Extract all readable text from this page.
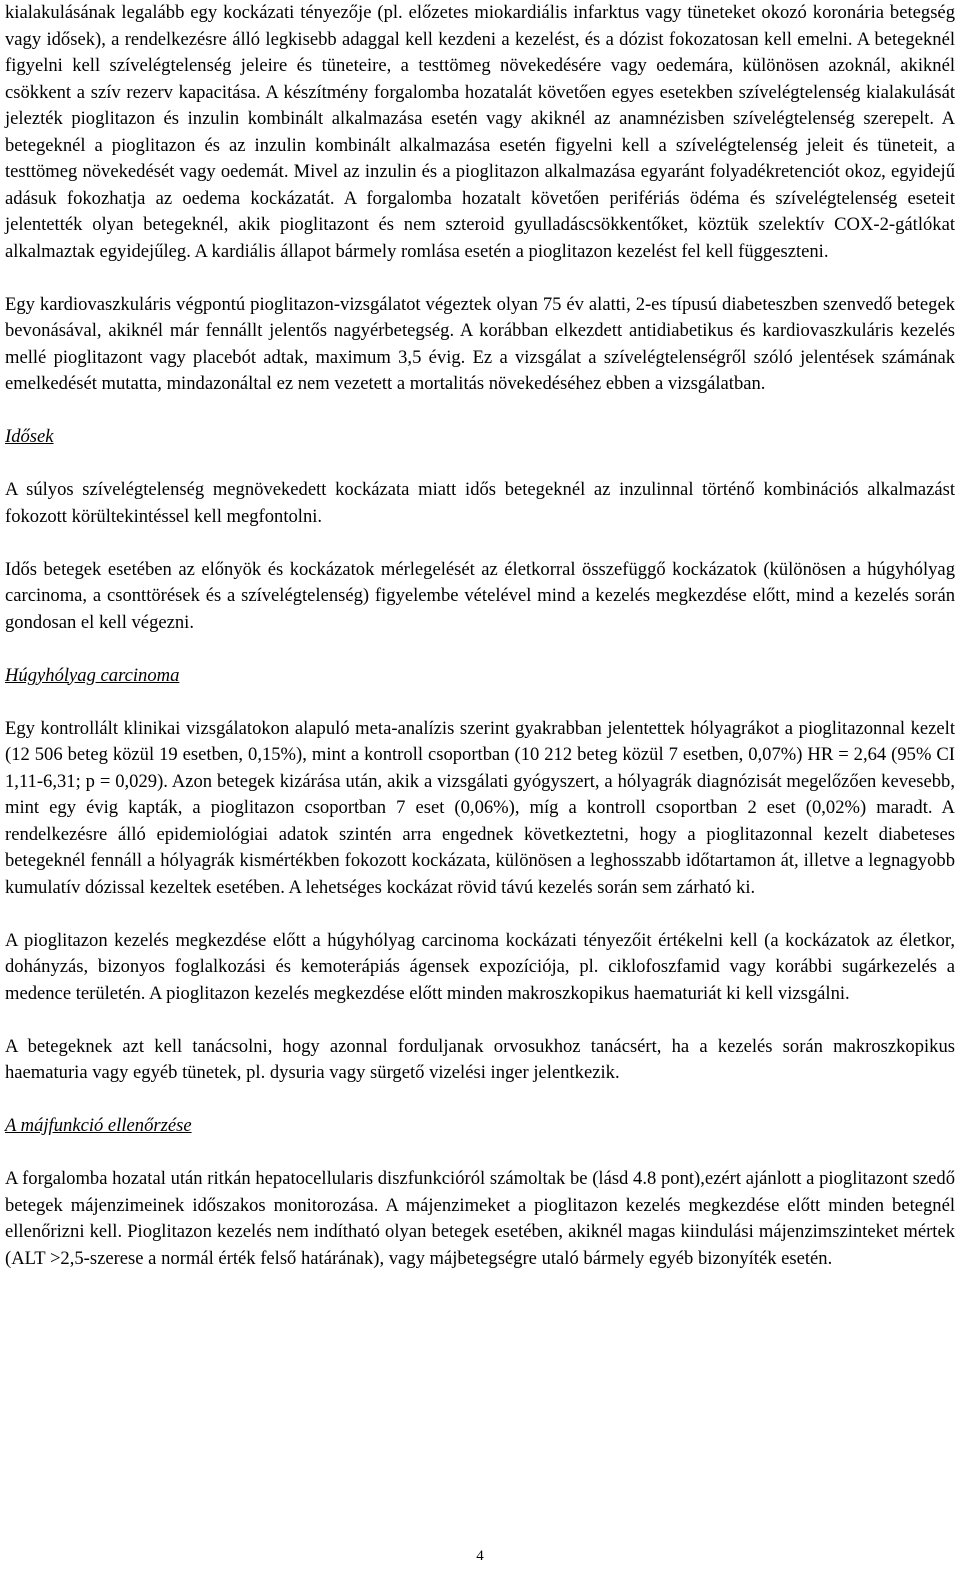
kialakulásának legalább egy kockázati tényezője (pl. előzetes miokardiális infarktus vagy tüneteket okozó koronária betegség vagy idősek), a rendelkezésre álló legkisebb adaggal kell kezdeni a kezelést, és a dózist fokozatosan kell emelni. A betegeknél figyelni kell szívelégtelenség jeleire és tüneteire, a testtömeg növekedésére vagy oedemára, különösen azoknál, akiknél csökkent a szív rezerv kapacitása. A készítmény forgalomba hozatalát követően egyes esetekben szívelégtelenség kialakulását jelezték pioglitazon és inzulin kombinált alkalmazása esetén vagy akiknél az anamnézisben szívelégtelenség szerepelt. A betegeknél a pioglitazon és az inzulin kombinált alkalmazása esetén figyelni kell a szívelégtelenség jeleit és tüneteit, a testtömeg növekedését vagy oedemát. Mivel az inzulin és a pioglitazon alkalmazása egyaránt folyadékretenciót okoz, egyidejű adásuk fokozhatja az oedema kockázatát. A forgalomba hozatalt követően perifériás ödéma és szívelégtelenség eseteit jelentették olyan betegeknél, akik pioglitazont és nem szteroid gyulladáscsökkentőket, köztük szelektív COX-2-gátlókat alkalmaztak egyidejűleg. A kardiális állapot bármely romlása esetén a pioglitazon kezelést fel kell függeszteni.

Egy kardiovaszkuláris végpontú pioglitazon-vizsgálatot végeztek olyan 75 év alatti, 2-es típusú diabeteszben szenvedő betegek bevonásával, akiknél már fennállt jelentős nagyérbetegség. A korábban elkezdett antidiabetikus és kardiovaszkuláris kezelés mellé pioglitazont vagy placebót adtak, maximum 3,5 évig. Ez a vizsgálat a szívelégtelenségről szóló jelentések számának emelkedését mutatta, mindazonáltal ez nem vezetett a mortalitás növekedéséhez ebben a vizsgálatban.

Idősek

A súlyos szívelégtelenség megnövekedett kockázata miatt idős betegeknél az inzulinnal történő kombinációs alkalmazást fokozott körültekintéssel kell megfontolni.

Idős betegek esetében az előnyök és kockázatok mérlegelését az életkorral összefüggő kockázatok (különösen a húgyhólyag carcinoma, a csonttörések és a szívelégtelenség) figyelembe vételével mind a kezelés megkezdése előtt, mind a kezelés során gondosan el kell végezni.

Húgyhólyag carcinoma

Egy kontrollált klinikai vizsgálatokon alapuló meta-analízis szerint gyakrabban jelentettek hólyagrákot a pioglitazonnal kezelt (12 506 beteg közül 19 esetben, 0,15%), mint a kontroll csoportban (10 212 beteg közül 7 esetben, 0,07%) HR = 2,64 (95% CI 1,11-6,31; p = 0,029). Azon betegek kizárása után, akik a vizsgálati gyógyszert, a hólyagrák diagnózisát megelőzően kevesebb, mint egy évig kapták, a pioglitazon csoportban 7 eset (0,06%), míg a kontroll csoportban 2 eset (0,02%) maradt. A rendelkezésre álló epidemiológiai adatok szintén arra engednek következtetni, hogy a pioglitazonnal kezelt diabeteses betegeknél fennáll a hólyagrák kismértékben fokozott kockázata, különösen a leghosszabb időtartamon át, illetve a legnagyobb kumulatív dózissal kezeltek esetében. A lehetséges kockázat rövid távú kezelés során sem zárható ki.

A pioglitazon kezelés megkezdése előtt a húgyhólyag carcinoma kockázati tényezőit értékelni kell (a kockázatok az életkor, dohányzás, bizonyos foglalkozási és kemoterápiás ágensek expozíciója, pl. ciklofoszfamid vagy korábbi sugárkezelés a medence területén. A pioglitazon kezelés megkezdése előtt minden makroszkopikus haematuriát ki kell vizsgálni.

A betegeknek azt kell tanácsolni, hogy azonnal forduljanak orvosukhoz tanácsért, ha a kezelés során makroszkopikus haematuria vagy egyéb tünetek, pl. dysuria vagy sürgető vizelési inger jelentkezik.

A májfunkció ellenőrzése

A forgalomba hozatal után ritkán hepatocellularis diszfunkcióról számoltak be (lásd 4.8 pont),ezért ajánlott a pioglitazont szedő betegek májenzimeinek időszakos monitorozása. A májenzimeket a pioglitazon kezelés megkezdése előtt minden betegnél ellenőrizni kell. Pioglitazon kezelés nem indítható olyan betegek esetében, akiknél magas kiindulási májenzimszinteket mértek (ALT >2,5-szerese a normál érték felső határának), vagy májbetegségre utaló bármely egyéb bizonyíték esetén.

4
